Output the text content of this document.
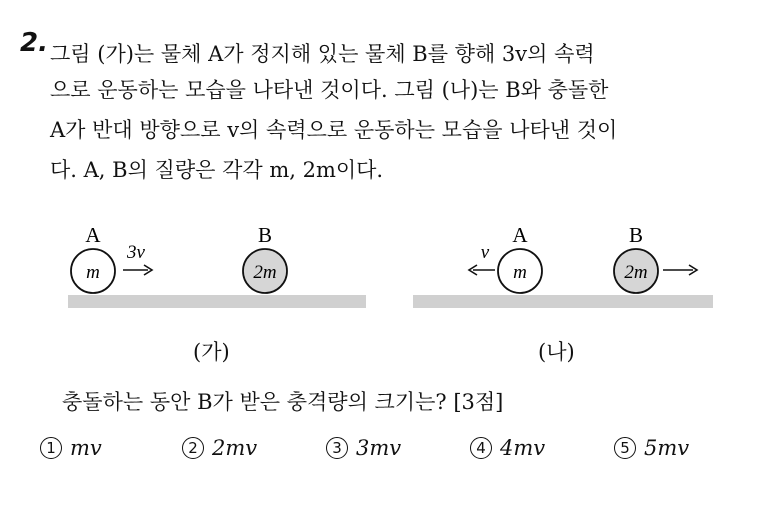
2. 그림 (가)는 물체 A가 정지해 있는 물체 B를 향해 3v의 속력
으로 운동하는 모습을 나타낸 것이다. 그림 (나)는 B와 충돌한
A가 반대 방향으로 v의 속력으로 운동하는 모습을 나타낸 것이
다. A, B의 질량은 각각 m, 2m이다.
A
m
3v
B
2m
(가)
A
v
m
B
2m
(나)
충돌하는 동안 B가 받은 충격량의 크기는? [3점]
1 mv	2 2mv	3 3mv	4 4mv	5 5mv
